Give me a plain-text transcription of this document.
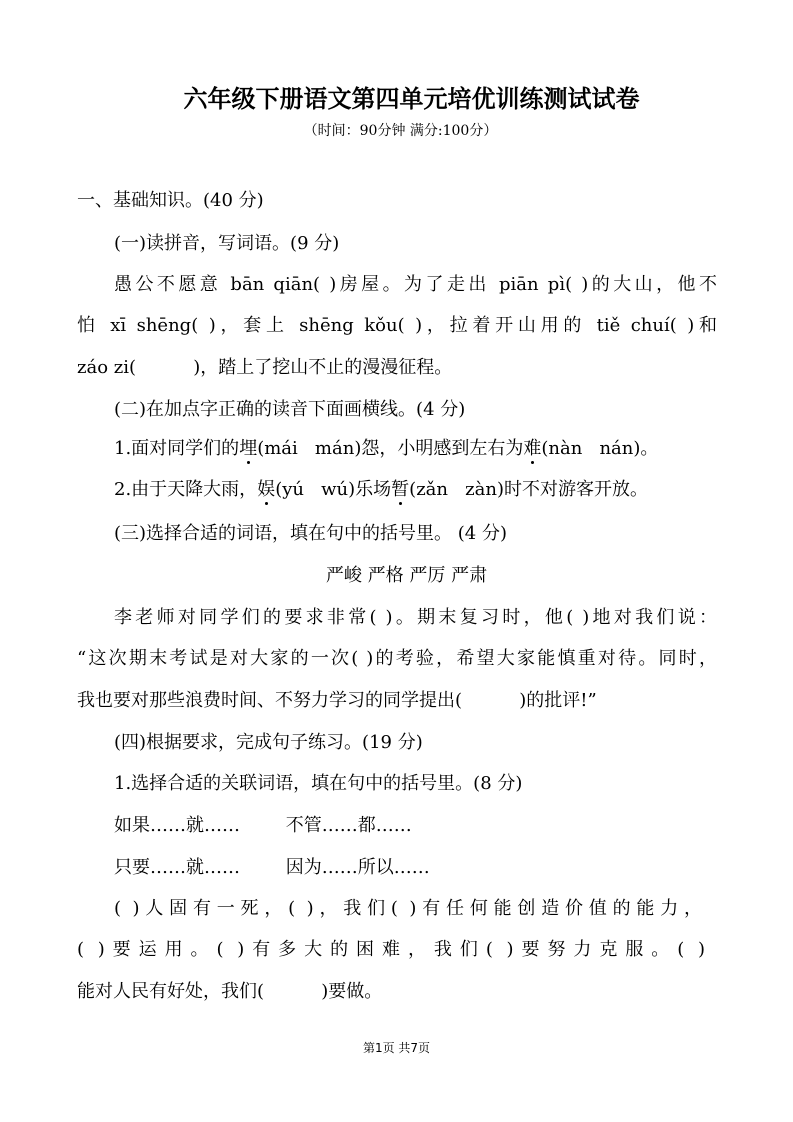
六年级下册语文第四单元培优训练测试试卷
（时间：90分钟 满分:100分）
一、基础知识。(40 分)
(一)读拼音，写词语。(9 分)
愚公不愿意 bān qiān( )房屋。为了走出 piān pì( )的大山，他不
怕 xī shēng( )，套上 shēng kǒu( )，拉着开山用的 tiě chuí( )和
záo zi(          )，踏上了挖山不止的漫漫征程。
(二)在加点字正确的读音下面画横线。(4 分)
1.面对同学们的埋(mái   mán)怨，小明感到左右为难(nàn   nán)。
2.由于天降大雨，娱(yú   wú)乐场暂(zǎn   zàn)时不对游客开放。
(三)选择合适的词语，填在句中的括号里。 (4 分)
严峻 严格 严厉 严肃
李老师对同学们的要求非常( )。期末复习时，他( )地对我们说：
“这次期末考试是对大家的一次( )的考验，希望大家能慎重对待。同时，
我也要对那些浪费时间、不努力学习的同学提出(          )的批评!”
(四)根据要求，完成句子练习。(19 分)
1.选择合适的关联词语，填在句中的括号里。(8 分)
如果……就……        不管……都……
只要……就……        因为……所以……
( )人固有一死，( )，我们( )有任何能创造价值的能力，
( )要运用。( )有多大的困难，我们( )要努力克服。( )
能对人民有好处，我们(          )要做。
第1页 共7页
